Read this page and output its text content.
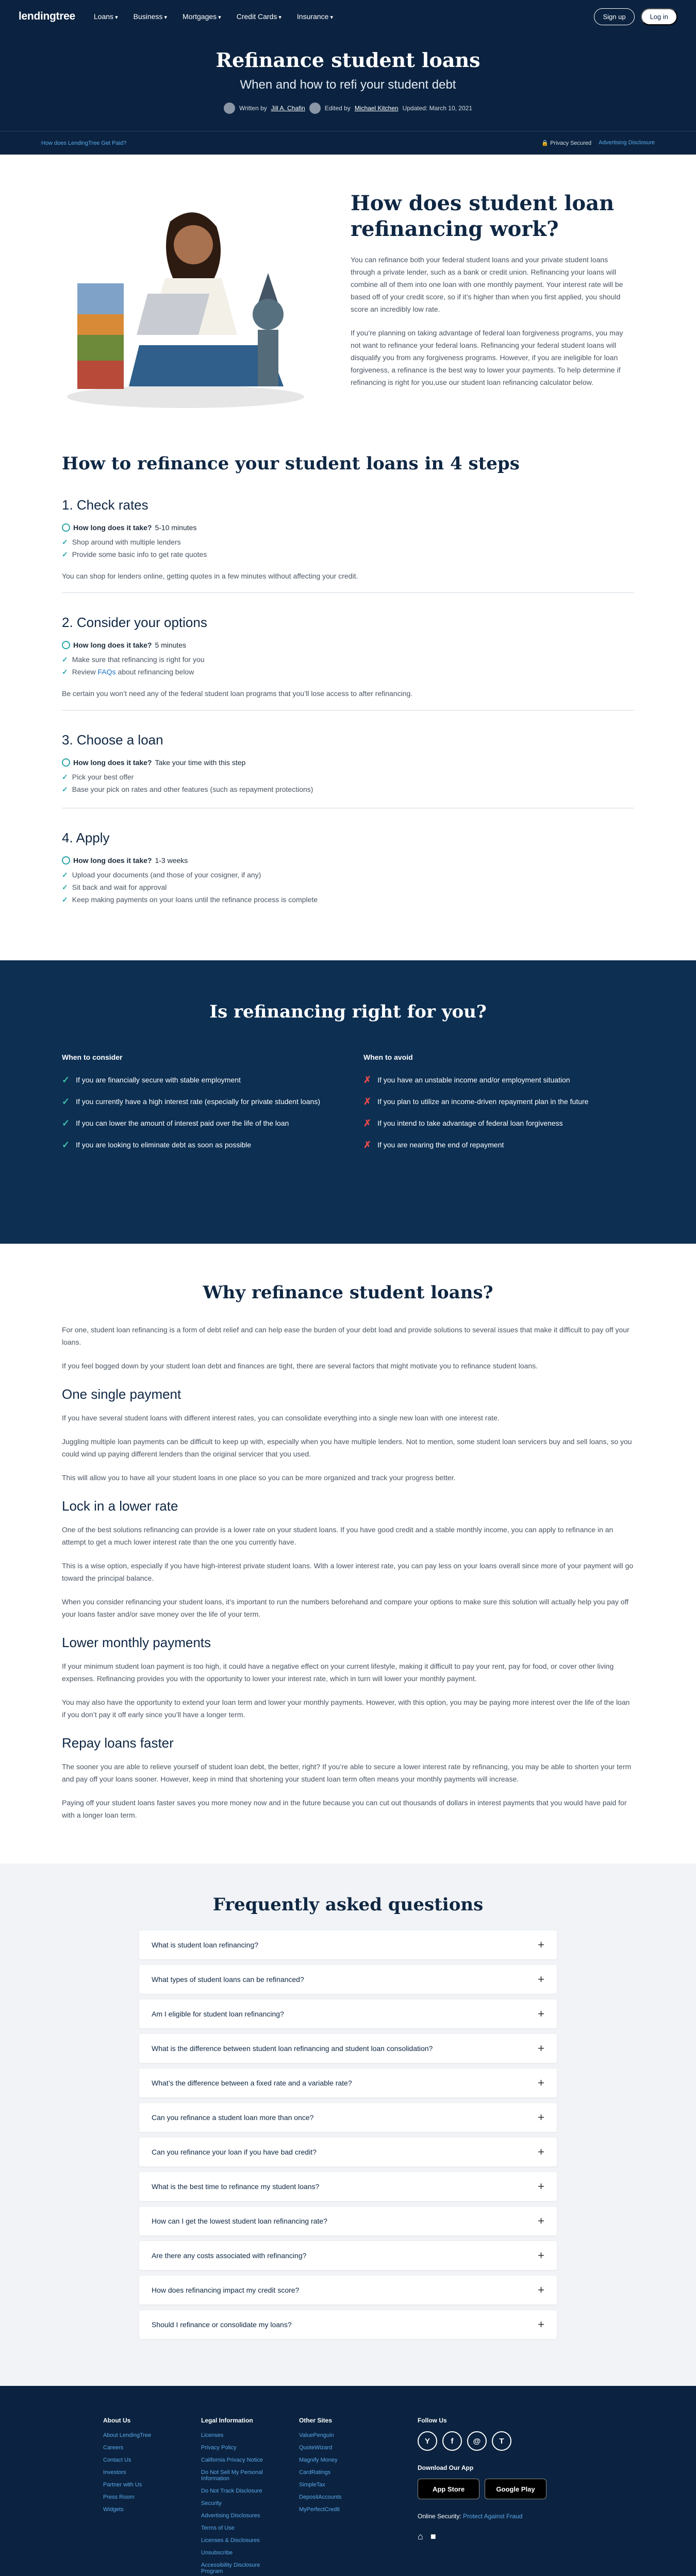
lendingtree	Loans ▾	Business ▾	Mortgages ▾	Credit Cards ▾	Insurance ▾	Sign up	Log in
Refinance student loans
When and how to refi your student debt
Written by Jill A. Chafin	Edited by Michael Kitchen Updated: March 10, 2021
How does LendingTree Get Paid?	🔒 Privacy Secured Advertising Disclosure
How does student loan refinancing work?

You can refinance both your federal student loans and your private student loans through a private lender, such as a bank or credit union. Refinancing your loans will combine all of them into one loan with one monthly payment. Your interest rate will be based off of your credit score, so if it’s higher than when you first applied, you should score an incredibly low rate.

If you’re planning on taking advantage of federal loan forgiveness programs, you may not want to refinance your federal loans. Refinancing your federal student loans will disqualify you from any forgiveness programs. However, if you are ineligible for loan forgiveness, a refinance is the best way to lower your payments. To help determine if refinancing is right for you,use our student loan refinancing calculator below.

How to refinance your student loans in 4 steps
1. Check rates
How long does it take? 5-10 minutes
✓ Shop around with multiple lenders
✓ Provide some basic info to get rate quotes

You can shop for lenders online, getting quotes in a few minutes without affecting your credit.

2. Consider your options
How long does it take? 5 minutes
✓ Make sure that refinancing is right for you
✓ Review FAQs about refinancing below

Be certain you won’t need any of the federal student loan programs that you’ll lose access to after refinancing.

3. Choose a loan
How long does it take? Take your time with this step
✓ Pick your best offer
✓ Base your pick on rates and other features (such as repayment protections)
4. Apply
How long does it take? 1-3 weeks
✓ Upload your documents (and those of your cosigner, if any)
✓ Sit back and wait for approval
✓ Keep making payments on your loans until the refinance process is complete
Is refinancing right for you?
When to consider
✓ If you are financially secure with stable employment
✓ If you currently have a high interest rate (especially for private student loans)
✓ If you can lower the amount of interest paid over the life of the loan
✓ If you are looking to eliminate debt as soon as possible
When to avoid
✗ If you have an unstable income and/or employment situation
✗ If you plan to utilize an income-driven repayment plan in the future
✗ If you intend to take advantage of federal loan forgiveness
✗ If you are nearing the end of repayment
Why refinance student loans?

For one, student loan refinancing is a form of debt relief and can help ease the burden of your debt load and provide solutions to several issues that make it difficult to pay off your loans.

If you feel bogged down by your student loan debt and finances are tight, there are several factors that might motivate you to refinance student loans.

One single payment

If you have several student loans with different interest rates, you can consolidate everything into a single new loan with one interest rate.

Juggling multiple loan payments can be difficult to keep up with, especially when you have multiple lenders. Not to mention, some student loan servicers buy and sell loans, so you could wind up paying different lenders than the original servicer that you used.

This will allow you to have all your student loans in one place so you can be more organized and track your progress better.

Lock in a lower rate

One of the best solutions refinancing can provide is a lower rate on your student loans. If you have good credit and a stable monthly income, you can apply to refinance in an attempt to get a much lower interest rate than the one you currently have.

This is a wise option, especially if you have high-interest private student loans. With a lower interest rate, you can pay less on your loans overall since more of your payment will go toward the principal balance.

When you consider refinancing your student loans, it’s important to run the numbers beforehand and compare your options to make sure this solution will actually help you pay off your loans faster and/or save money over the life of your term.

Lower monthly payments

If your minimum student loan payment is too high, it could have a negative effect on your current lifestyle, making it difficult to pay your rent, pay for food, or cover other living expenses. Refinancing provides you with the opportunity to lower your interest rate, which in turn will lower your monthly payment.

You may also have the opportunity to extend your loan term and lower your monthly payments. However, with this option, you may be paying more interest over the life of the loan if you don’t pay it off early since you’ll have a longer term.

Repay loans faster

The sooner you are able to relieve yourself of student loan debt, the better, right? If you’re able to secure a lower interest rate by refinancing, you may be able to shorten your term and pay off your loans sooner. However, keep in mind that shortening your student loan term often means your monthly payments will increase.

Paying off your student loans faster saves you more money now and in the future because you can cut out thousands of dollars in interest payments that you would have paid for with a longer loan term.

Frequently asked questions
What is student loan refinancing?	+
What types of student loans can be refinanced?	+
Am I eligible for student loan refinancing?	+
What is the difference between student loan refinancing and student loan consolidation?	+
What’s the difference between a fixed rate and a variable rate?	+
Can you refinance a student loan more than once?	+
Can you refinance your loan if you have bad credit?	+
What is the best time to refinance my student loans?	+
How can I get the lowest student loan refinancing rate?	+
Are there any costs associated with refinancing?	+
How does refinancing impact my credit score?	+
Should I refinance or consolidate my loans?	+
About Us
About LendingTree
Careers
Contact Us
Investors
Partner with Us
Press Room
Widgets
Legal Information
Licenses
Privacy Policy
California Privacy Notice
Do Not Sell My Personal Information
Do Not Track Disclosure
Security
Advertising Disclosures
Terms of Use
Licenses & Disclosures
Unsubscribe
Accessibility Disclosure Program
Other Sites
ValuePenguin
QuoteWizard
Magnify Money
CardRatings
SimpleTax
DepositAccounts
MyPerfectCredit
Follow Us
Y	f	@	T
Download Our App
App Store	Google Play
Online Security: Protect Against Fraud
⌂ ■
